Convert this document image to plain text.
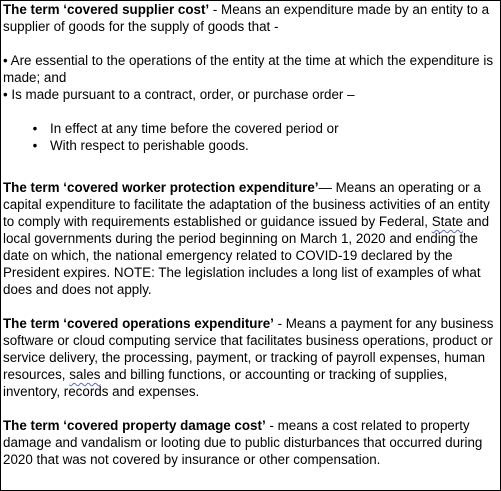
The term ‘covered supplier cost’ - Means an expenditure made by an entity to a supplier of goods for the supply of goods that -

• Are essential to the operations of the entity at the time at which the expenditure is made; and

• Is made pursuant to a contract, order, or purchase order –

• In effect at any time before the covered period or

• With respect to perishable goods.

The term ‘covered worker protection expenditure’— Means an operating or a capital expenditure to facilitate the adaptation of the business activities of an entity to comply with requirements established or guidance issued by Federal, State and local governments during the period beginning on March 1, 2020 and ending the date on which, the national emergency related to COVID-19 declared by the President expires. NOTE: The legislation includes a long list of examples of what does and does not apply.

The term ‘covered operations expenditure’ - Means a payment for any business software or cloud computing service that facilitates business operations, product or service delivery, the processing, payment, or tracking of payroll expenses, human resources, sales and billing functions, or accounting or tracking of supplies, inventory, records and expenses.

The term ‘covered property damage cost’ - means a cost related to property damage and vandalism or looting due to public disturbances that occurred during 2020 that was not covered by insurance or other compensation.
